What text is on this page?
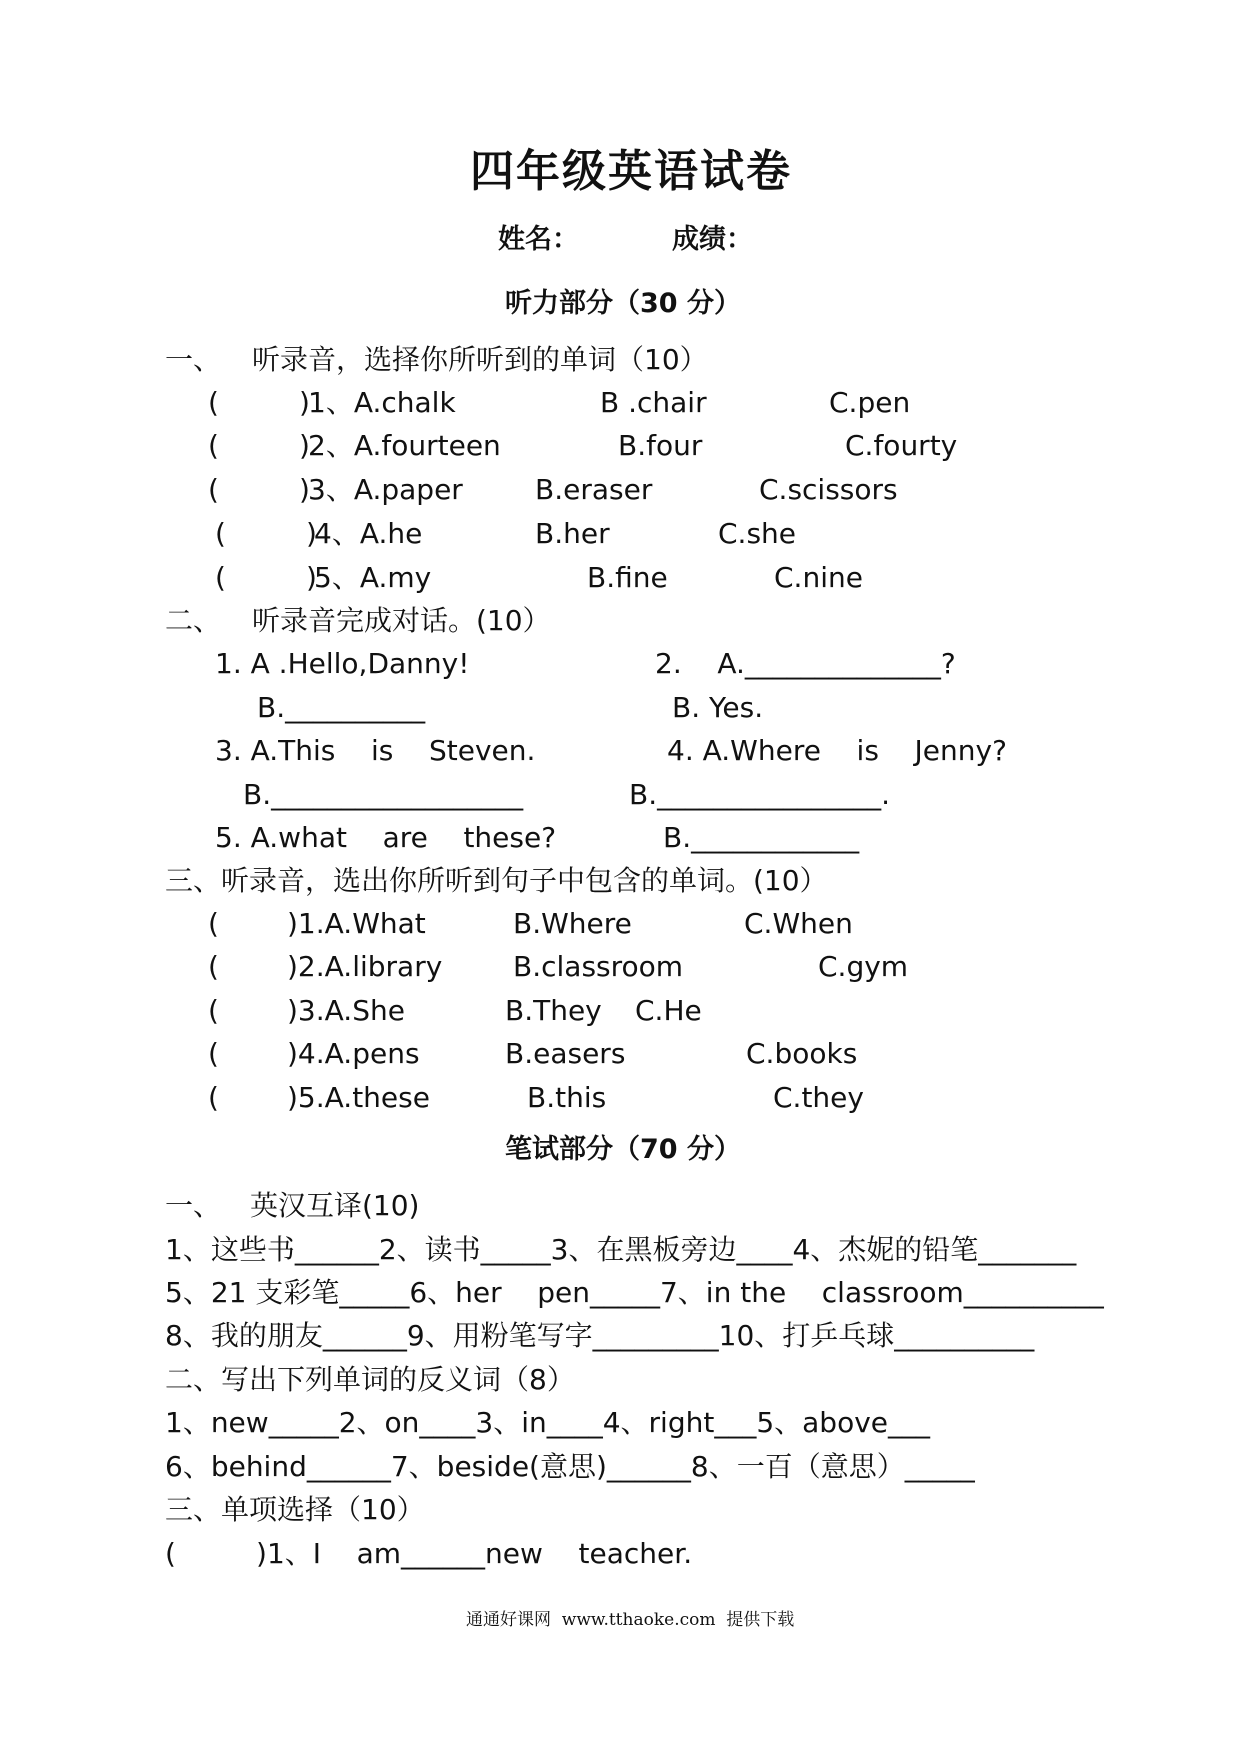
四年级英语试卷
姓名：	成绩：
听力部分（30 分）
一、 听录音，选择你所听到的单词（10）
(         )
1、A.chalk	B .chair	C.pen
(         )
2、A.fourteen	B.four	C.fourty
(         )
3、A.paper	B.eraser	C.scissors
(         )
4、A.he	B.her	C.she
(         )
5、A.my	B.fine	C.nine
二、 听录音完成对话。(10）
1. A .Hello,Danny!	2.    A.______________?
B.__________	B. Yes.
3. A.This    is    Steven.	4. A.Where    is    Jenny?
B.__________________	B.________________.
5. A.what    are    these?	B.____________
三、听录音，选出你所听到句子中包含的单词。(10）
( )1.A.What	B.Where	C.When
( )2.A.library	B.classroom	C.gym
( )3.A.She	B.They C.He
( )4.A.pens	B.easers	C.books
( )5.A.these	B.this	C.they
笔试部分（70 分）
一、 英汉互译(10)
1、这些书______2、读书_____3、在黑板旁边____4、杰妮的铅笔_______
5、21 支彩笔_____6、her    pen_____7、in the    classroom__________
8、我的朋友______9、用粉笔写字_________10、打乒乓球__________
二、写出下列单词的反义词（8）
1、new_____2、on____3、in____4、right___5、above___
6、behind______7、beside(意思)______8、一百（意思）_____
三、单项选择（10）
(         )1、I    am______new    teacher.
通通好课网  www.tthaoke.com  提供下载
